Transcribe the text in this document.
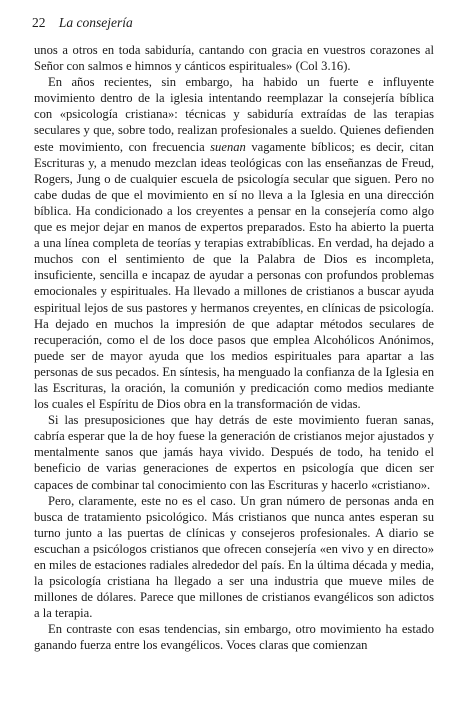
22 La consejería

unos a otros en toda sabiduría, cantando con gracia en vuestros corazones al Señor con salmos e himnos y cánticos espirituales» (Col 3.16).

En años recientes, sin embargo, ha habido un fuerte e influyente movimiento dentro de la iglesia intentando reemplazar la consejería bíblica con «psicología cristiana»: técnicas y sabiduría extraídas de las terapias seculares y que, sobre todo, realizan profesionales a sueldo. Quienes defienden este movimiento, con frecuencia suenan vagamente bíblicos; es decir, citan Escrituras y, a menudo mezclan ideas teológicas con las enseñanzas de Freud, Rogers, Jung o de cualquier escuela de psicología secular que siguen. Pero no cabe dudas de que el movimiento en sí no lleva a la Iglesia en una dirección bíblica. Ha condicionado a los creyentes a pensar en la consejería como algo que es mejor dejar en manos de expertos preparados. Esto ha abierto la puerta a una línea completa de teorías y terapias extrabíblicas. En verdad, ha dejado a muchos con el sentimiento de que la Palabra de Dios es incompleta, insuficiente, sencilla e incapaz de ayudar a personas con profundos problemas emocionales y espirituales. Ha llevado a millones de cristianos a buscar ayuda espiritual lejos de sus pastores y hermanos creyentes, en clínicas de psicología. Ha dejado en muchos la impresión de que adaptar métodos seculares de recuperación, como el de los doce pasos que emplea Alcohólicos Anónimos, puede ser de mayor ayuda que los medios espirituales para apartar a las personas de sus pecados. En síntesis, ha menguado la confianza de la Iglesia en las Escrituras, la oración, la comunión y predicación como medios mediante los cuales el Espíritu de Dios obra en la transformación de vidas.

Si las presuposiciones que hay detrás de este movimiento fueran sanas, cabría esperar que la de hoy fuese la generación de cristianos mejor ajustados y mentalmente sanos que jamás haya vivido. Después de todo, ha tenido el beneficio de varias generaciones de expertos en psicología que dicen ser capaces de combinar tal conocimiento con las Escrituras y hacerlo «cristiano».

Pero, claramente, este no es el caso. Un gran número de personas anda en busca de tratamiento psicológico. Más cristianos que nunca antes esperan su turno junto a las puertas de clínicas y consejeros profesionales. A diario se escuchan a psicólogos cristianos que ofrecen consejería «en vivo y en directo» en miles de estaciones radiales alrededor del país. En la última década y media, la psicología cristiana ha llegado a ser una industria que mueve miles de millones de dólares. Parece que millones de cristianos evangélicos son adictos a la terapia.

En contraste con esas tendencias, sin embargo, otro movimiento ha estado ganando fuerza entre los evangélicos. Voces claras que comienzan
